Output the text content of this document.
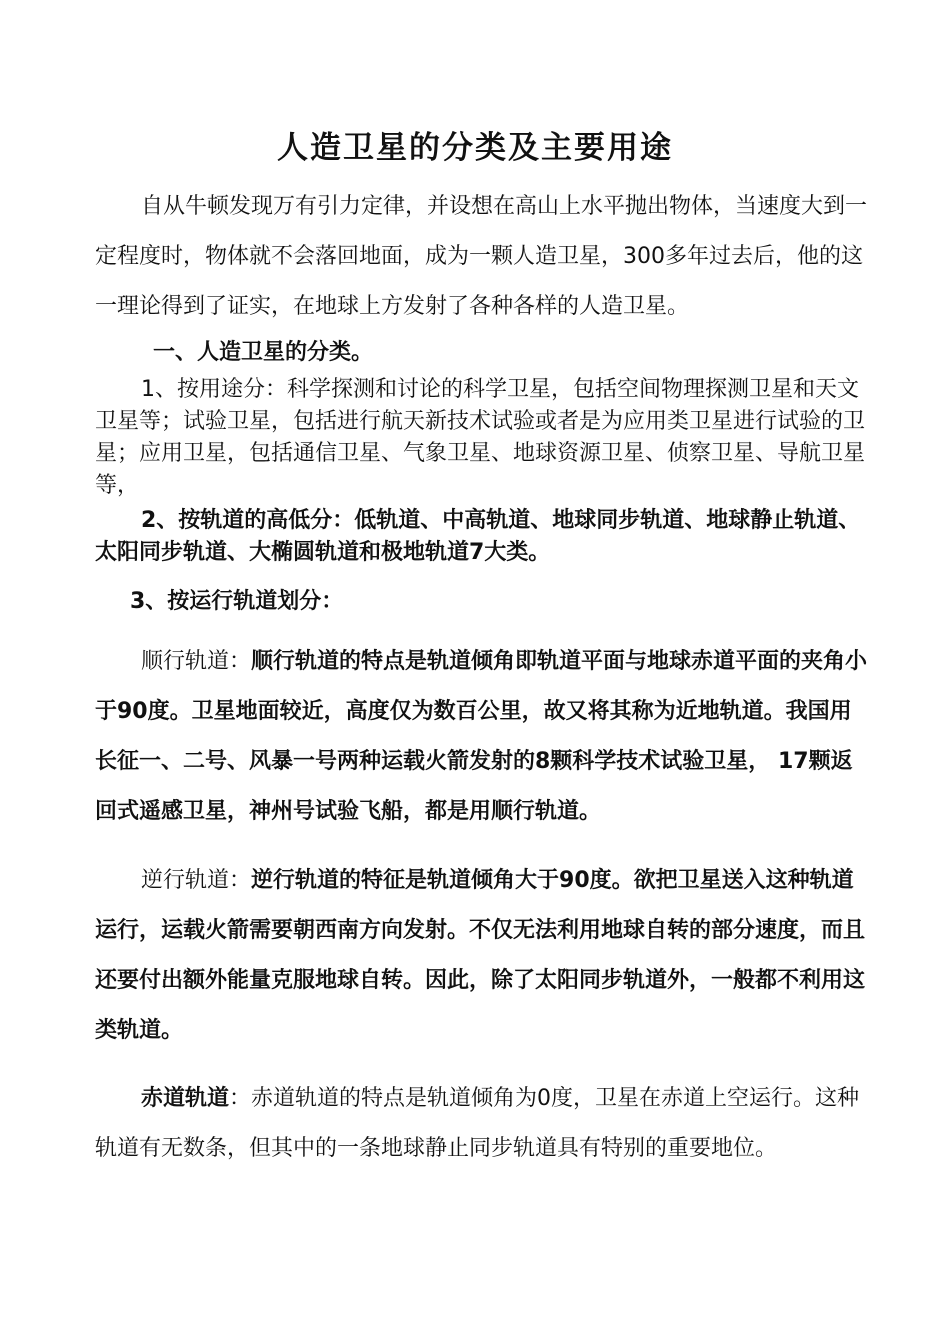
人造卫星的分类及主要用途

自从牛顿发现万有引力定律，并设想在高山上水平抛出物体，当速度大到一定程度时，物体就不会落回地面，成为一颗人造卫星，300多年过去后，他的这一理论得到了证实，在地球上方发射了各种各样的人造卫星。

一、人造卫星的分类。

1、按用途分：科学探测和讨论的科学卫星，包括空间物理探测卫星和天文卫星等；试验卫星，包括进行航天新技术试验或者是为应用类卫星进行试验的卫星；应用卫星，包括通信卫星、气象卫星、地球资源卫星、侦察卫星、导航卫星等，

2、按轨道的高低分：低轨道、中高轨道、地球同步轨道、地球静止轨道、太阳同步轨道、大椭圆轨道和极地轨道7大类。

3、按运行轨道划分：

顺行轨道：顺行轨道的特点是轨道倾角即轨道平面与地球赤道平面的夹角小于90度。卫星地面较近，高度仅为数百公里，故又将其称为近地轨道。我国用长征一、二号、风暴一号两种运载火箭发射的8颗科学技术试验卫星， 17颗返回式遥感卫星，神州号试验飞船，都是用顺行轨道。

逆行轨道：逆行轨道的特征是轨道倾角大于90度。欲把卫星送入这种轨道运行，运载火箭需要朝西南方向发射。不仅无法利用地球自转的部分速度，而且还要付出额外能量克服地球自转。因此，除了太阳同步轨道外，一般都不利用这类轨道。

赤道轨道：赤道轨道的特点是轨道倾角为0度，卫星在赤道上空运行。这种轨道有无数条，但其中的一条地球静止同步轨道具有特别的重要地位。
